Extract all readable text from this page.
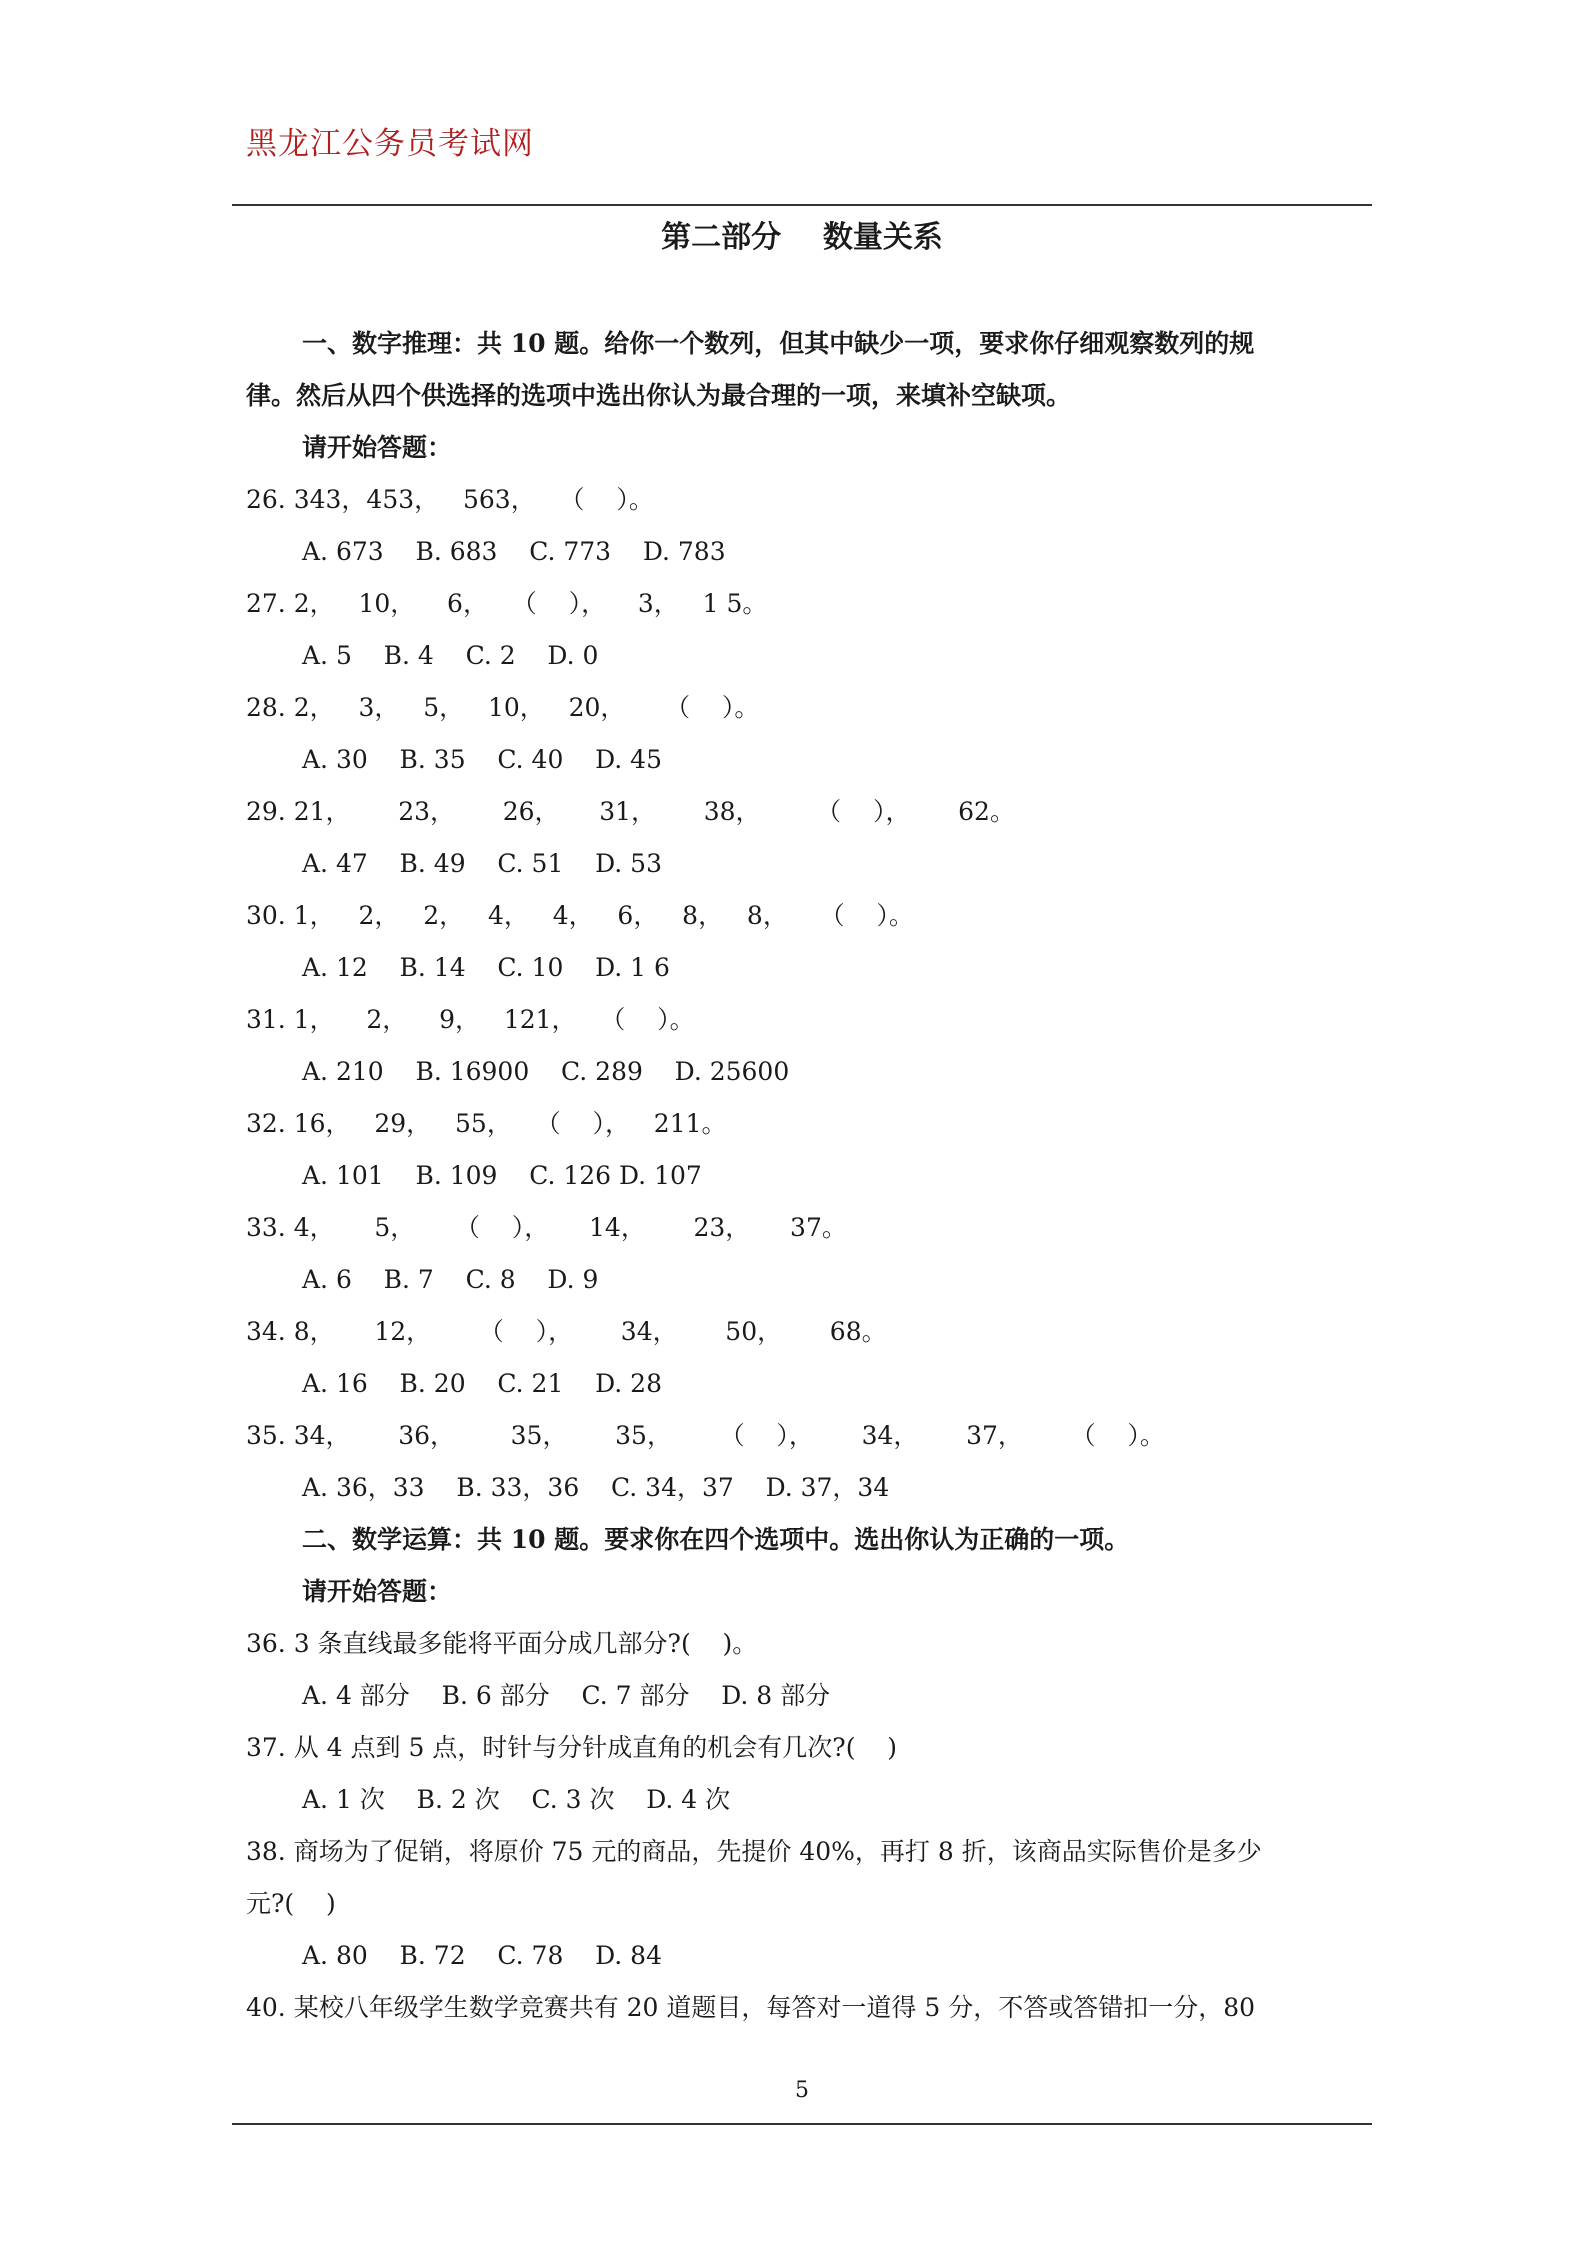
黑龙江公务员考试网
第二部分    数量关系
一、数字推理：共 10 题。给你一个数列，但其中缺少一项，要求你仔细观察数列的规
律。然后从四个供选择的选项中选出你认为最合理的一项，来填补空缺项。
请开始答题：
26. 343，453，   563，   （    ）。
A. 673    B. 683    C. 773    D. 783
27. 2，   10，    6，   （    ），    3，   1 5。
A. 5    B. 4    C. 2    D. 0
28. 2，   3，   5，   10，   20，     （    ）。
A. 30    B. 35    C. 40    D. 45
29. 21，      23，      26，     31，      38，       （    ），      62。
A. 47    B. 49    C. 51    D. 53
30. 1，   2，   2，   4，   4，   6，   8，   8，    （    ）。
A. 12    B. 14    C. 10    D. 1 6
31. 1，    2，    9，   121，   （    ）。
A. 210    B. 16900    C. 289    D. 25600
32. 16，   29，   55，   （    ），   211。
A. 101    B. 109    C. 126 D. 107
33. 4，     5，     （    ），     14，      23，     37。
A. 6    B. 7    C. 8    D. 9
34. 8，     12，      （    ），      34，      50，      68。
A. 16    B. 20    C. 21    D. 28
35. 34，      36，       35，      35，      （    ），      34，      37，      （    ）。
A. 36，33    B. 33，36    C. 34，37    D. 37，34
二、数学运算：共 10 题。要求你在四个选项中。选出你认为正确的一项。
请开始答题：
36. 3 条直线最多能将平面分成几部分?(    )。
A. 4 部分    B. 6 部分    C. 7 部分    D. 8 部分
37. 从 4 点到 5 点，时针与分针成直角的机会有几次?(    )
A. 1 次    B. 2 次    C. 3 次    D. 4 次
38. 商场为了促销，将原价 75 元的商品，先提价 40%，再打 8 折，该商品实际售价是多少
元?(    )
A. 80    B. 72    C. 78    D. 84
40. 某校八年级学生数学竞赛共有 20 道题目，每答对一道得 5 分，不答或答错扣一分，80
5
